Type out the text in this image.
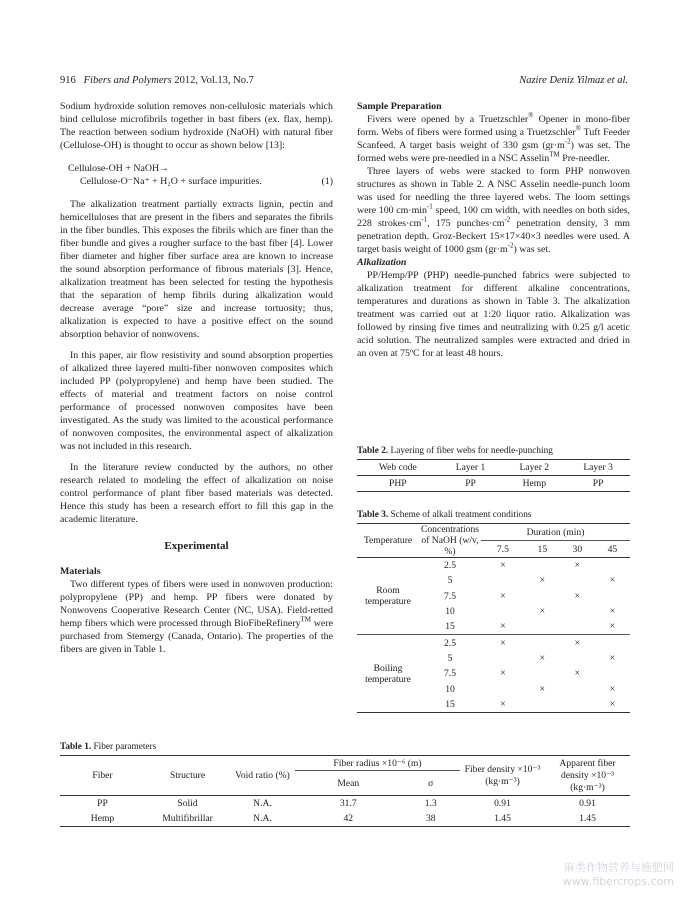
916 Fibers and Polymers 2012, Vol.13, No.7	Nazire Deniz Yilmaz et al.

Sodium hydroxide solution removes non-cellulosic materials which bind cellulose microfibrils together in bast fibers (ex. flax, hemp). The reaction between sodium hydroxide (NaOH) with natural fiber (Cellulose-OH) is thought to occur as shown below [13]:

Cellulose-OH + NaOH→
Cellulose-O⁻Na⁺ + H₂O + surface impurities.	(1)

The alkalization treatment partially extracts lignin, pectin and hemicelluloses that are present in the fibers and separates the fibrils in the fiber bundles. This exposes the fibrils which are finer than the fiber bundle and gives a rougher surface to the bast fiber [4]. Lower fiber diameter and higher fiber surface area are known to increase the sound absorption performance of fibrous materials [3]. Hence, alkalization treatment has been selected for testing the hypothesis that the separation of hemp fibrils during alkalization would decrease average “pore” size and increase tortuosity; thus, alkalization is expected to have a positive effect on the sound absorption behavior of nonwovens.

In this paper, air flow resistivity and sound absorption properties of alkalized three layered multi-fiber nonwoven composites which included PP (polypropylene) and hemp have been studied. The effects of material and treatment factors on noise control performance of processed nonwoven composites have been investigated. As the study was limited to the acoustical performance of nonwoven composites, the environmental aspect of alkalization was not included in this research.

In the literature review conducted by the authors, no other research related to modeling the effect of alkalization on noise control performance of plant fiber based materials was detected. Hence this study has been a research effort to fill this gap in the academic literature.

Experimental
Materials

Two different types of fibers were used in nonwoven production: polypropylene (PP) and hemp. PP fibers were donated by Nonwovens Cooperative Research Center (NC, USA). Field-retted hemp fibers which were processed through BioFibeRefinery™ were purchased from Stemergy (Canada, Ontario). The properties of the fibers are given in Table 1.

Sample Preparation

Fivers were opened by a Truetzschler® Opener in mono-fiber form. Webs of fibers were formed using a Truetzschler® Tuft Feeder Scanfeed. A target basis weight of 330 gsm $(gr\cdot m^{-2})$ was set. The formed webs were pre-needled in a NSC Asselin™ Pre-needler.

Three layers of webs were stacked to form PHP nonwoven structures as shown in Table 2. A NSC Asselin needle-punch loom was used for needling the three layered webs. The loom settings were 100 $cm\cdot\min^{-1}$ speed, 100 cm width, with needles on both sides, 228 $strokes\cdot cm^{-1}$, 175 $punches\cdot cm^{-2}$ penetration density, 3 mm penetration depth. Groz-Beckert 15×17×40×3 needles were used. A target basis weight of 1000 gsm $(gr\cdot m^{-2})$ was set.

Alkalization

PP/Hemp/PP (PHP) needle-punched fabrics were subjected to alkalization treatment for different alkaline concentrations, temperatures and durations as shown in Table 3. The alkalization treatment was carried out at 1:20 liquor ratio. Alkalization was followed by rinsing five times and neutralizing with 0.25 g/l acetic acid solution. The neutralized samples were extracted and dried in an oven at 75ºC for at least 48 hours.

Table 2. Layering of fiber webs for needle-punching
Web code	Layer 1	Layer 2	Layer 3
PHP	PP	Hemp	PP
Table 3. Scheme of alkali treatment conditions
Temperature	Concentrations of NaOH (w/v, %)	Duration (min)			
		7.5	15	30	45
Room temperature	2.5	×		×	
	5		×		×
	7.5	×		×	
	10		×		×
	15	×			×
Boiling temperature	2.5	×		×	
	5		×		×
	7.5	×		×	
	10		×		×
	15	×			×
Table 1. Fiber parameters
Fiber	Structure	Void ratio (%)	Fiber radius ×10⁻⁶ (m)		Fiber density ×10⁻³ (kg·m⁻³)	Apparent fiber density ×10⁻³ (kg·m⁻³)
			Mean	σ		
PP	Solid	N.A.	31.7	1.3	0.91	0.91
Hemp	Multifibrillar	N.A.	42	38	1.45	1.45
麻类作物营养与施肥网
www.fibercrops.com
